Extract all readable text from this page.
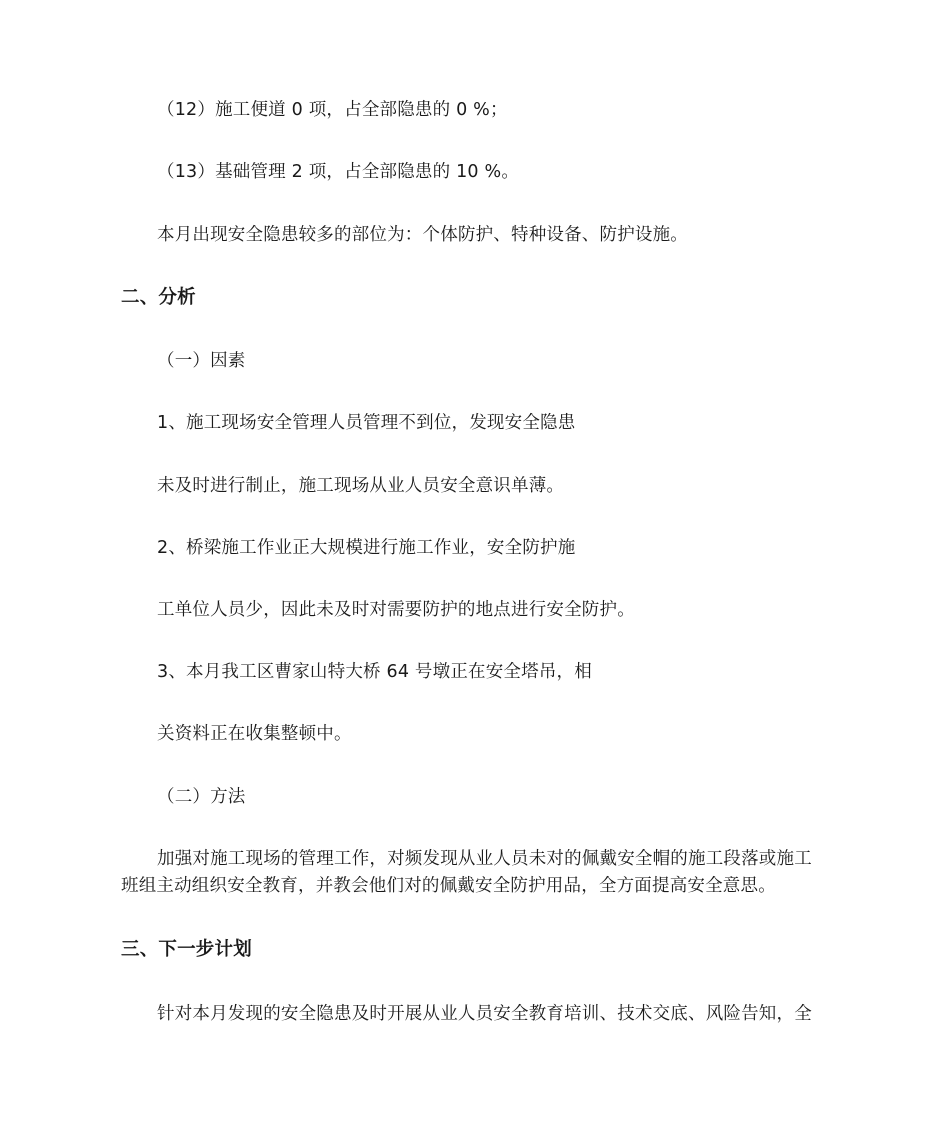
（12）施工便道 0 项，占全部隐患的 0 %；
（13）基础管理 2 项，占全部隐患的 10 %。
本月出现安全隐患较多的部位为：个体防护、特种设备、防护设施。
二、分析
（一）因素
1、施工现场安全管理人员管理不到位，发现安全隐患
未及时进行制止，施工现场从业人员安全意识单薄。
2、桥梁施工作业正大规模进行施工作业，安全防护施
工单位人员少，因此未及时对需要防护的地点进行安全防护。
3、本月我工区曹家山特大桥 64 号墩正在安全塔吊，相
关资料正在收集整顿中。
（二）方法
加强对施工现场的管理工作，对频发现从业人员未对的佩戴安全帽的施工段落或施工
班组主动组织安全教育，并教会他们对的佩戴安全防护用品，全方面提高安全意思。
三、下一步计划
针对本月发现的安全隐患及时开展从业人员安全教育培训、技术交底、风险告知，全
